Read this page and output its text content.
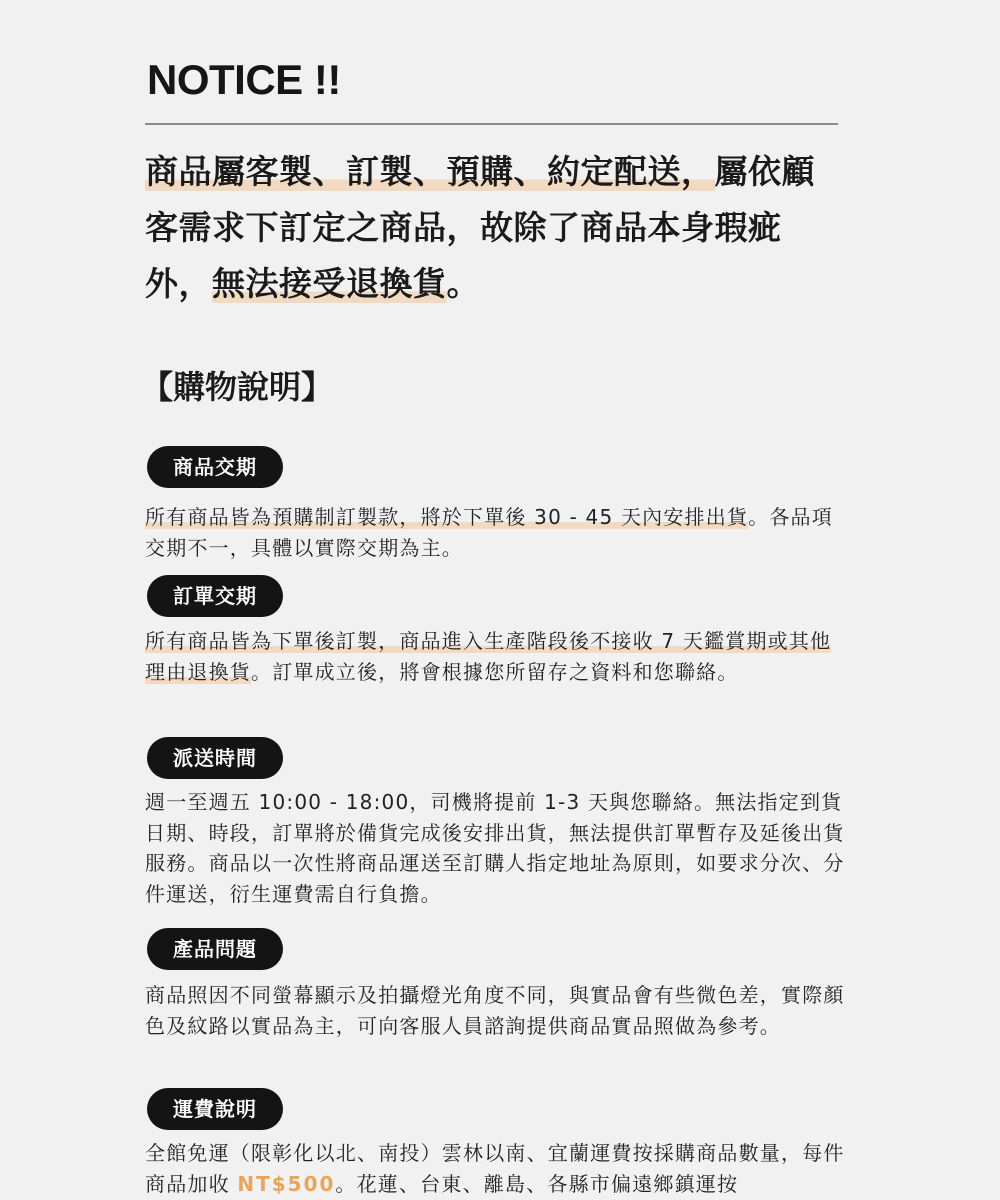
NOTICE !!
商品屬客製、訂製、預購、約定配送，屬依顧客需求下訂定之商品，故除了商品本身瑕疵外，無法接受退換貨。
【購物說明】
商品交期
所有商品皆為預購制訂製款，將於下單後 30 - 45 天內安排出貨。各品項交期不一，具體以實際交期為主。
訂單交期
所有商品皆為下單後訂製，商品進入生產階段後不接收 7 天鑑賞期或其他理由退換貨。訂單成立後，將會根據您所留存之資料和您聯絡。
派送時間
週一至週五 10:00 - 18:00，司機將提前 1-3 天與您聯絡。無法指定到貨日期、時段，訂單將於備貨完成後安排出貨，無法提供訂單暫存及延後出貨服務。商品以一次性將商品運送至訂購人指定地址為原則，如要求分次、分件運送，衍生運費需自行負擔。
產品問題
商品照因不同螢幕顯示及拍攝燈光角度不同，與實品會有些微色差，實際顏色及紋路以實品為主，可向客服人員諮詢提供商品實品照做為參考。
運費說明
全館免運（限彰化以北、南投）雲林以南、宜蘭運費按採購商品數量，每件商品加收 NT$500。花蓮、台東、離島、各縣市偏遠鄉鎮運按
